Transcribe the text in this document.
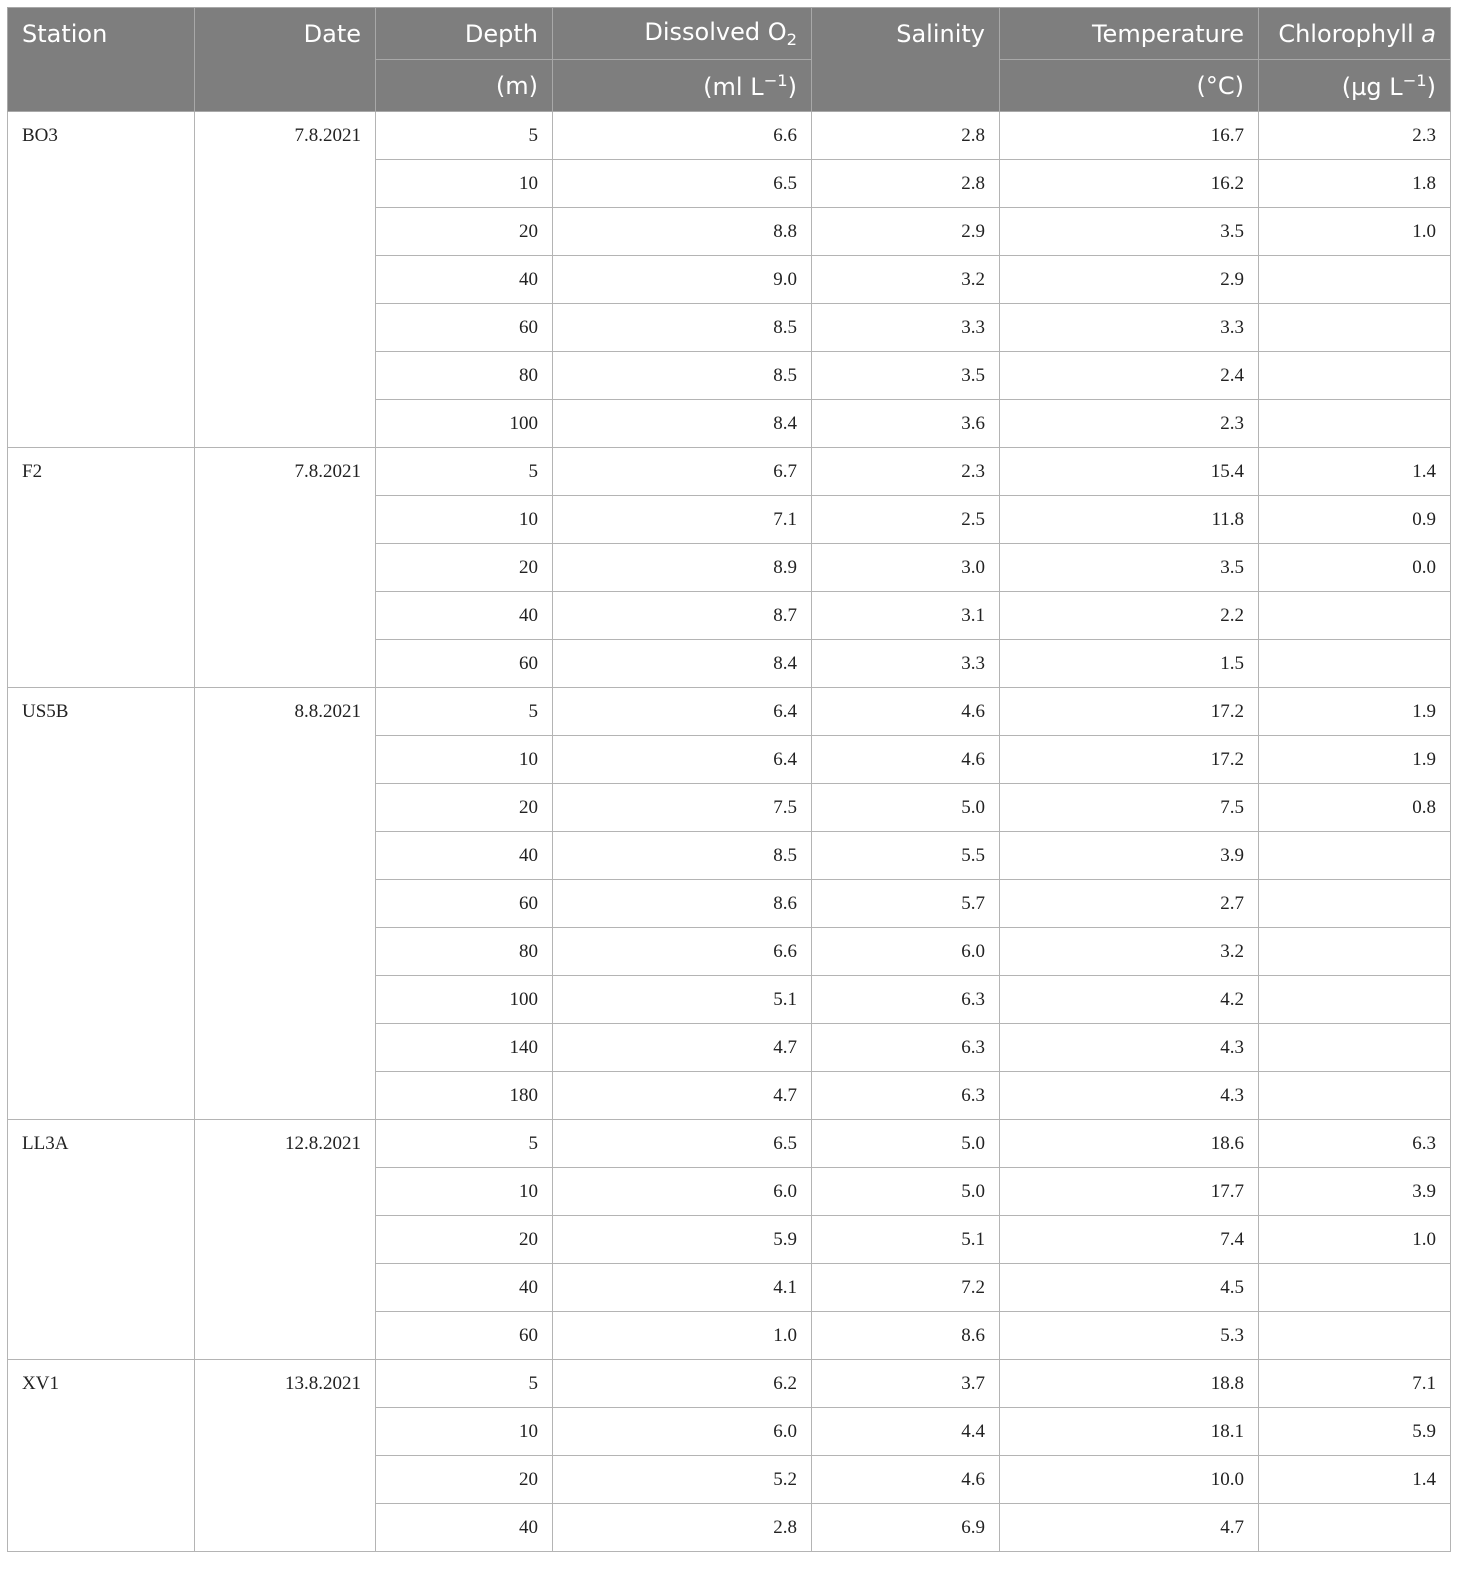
Station	Date	Depth	Dissolved $O_2$	Salinity	Temperature	Chlorophyll a
		(m)	(ml $L^{-1}$)		(°C)	(µg $L^{-1}$)
BO3	7.8.2021	5	6.6	2.8	16.7	2.3
		10	6.5	2.8	16.2	1.8
		20	8.8	2.9	3.5	1.0
		40	9.0	3.2	2.9	
		60	8.5	3.3	3.3	
		80	8.5	3.5	2.4	
		100	8.4	3.6	2.3	
F2	7.8.2021	5	6.7	2.3	15.4	1.4
		10	7.1	2.5	11.8	0.9
		20	8.9	3.0	3.5	0.0
		40	8.7	3.1	2.2	
		60	8.4	3.3	1.5	
US5B	8.8.2021	5	6.4	4.6	17.2	1.9
		10	6.4	4.6	17.2	1.9
		20	7.5	5.0	7.5	0.8
		40	8.5	5.5	3.9	
		60	8.6	5.7	2.7	
		80	6.6	6.0	3.2	
		100	5.1	6.3	4.2	
		140	4.7	6.3	4.3	
		180	4.7	6.3	4.3	
LL3A	12.8.2021	5	6.5	5.0	18.6	6.3
		10	6.0	5.0	17.7	3.9
		20	5.9	5.1	7.4	1.0
		40	4.1	7.2	4.5	
		60	1.0	8.6	5.3	
XV1	13.8.2021	5	6.2	3.7	18.8	7.1
		10	6.0	4.4	18.1	5.9
		20	5.2	4.6	10.0	1.4
		40	2.8	6.9	4.7	
